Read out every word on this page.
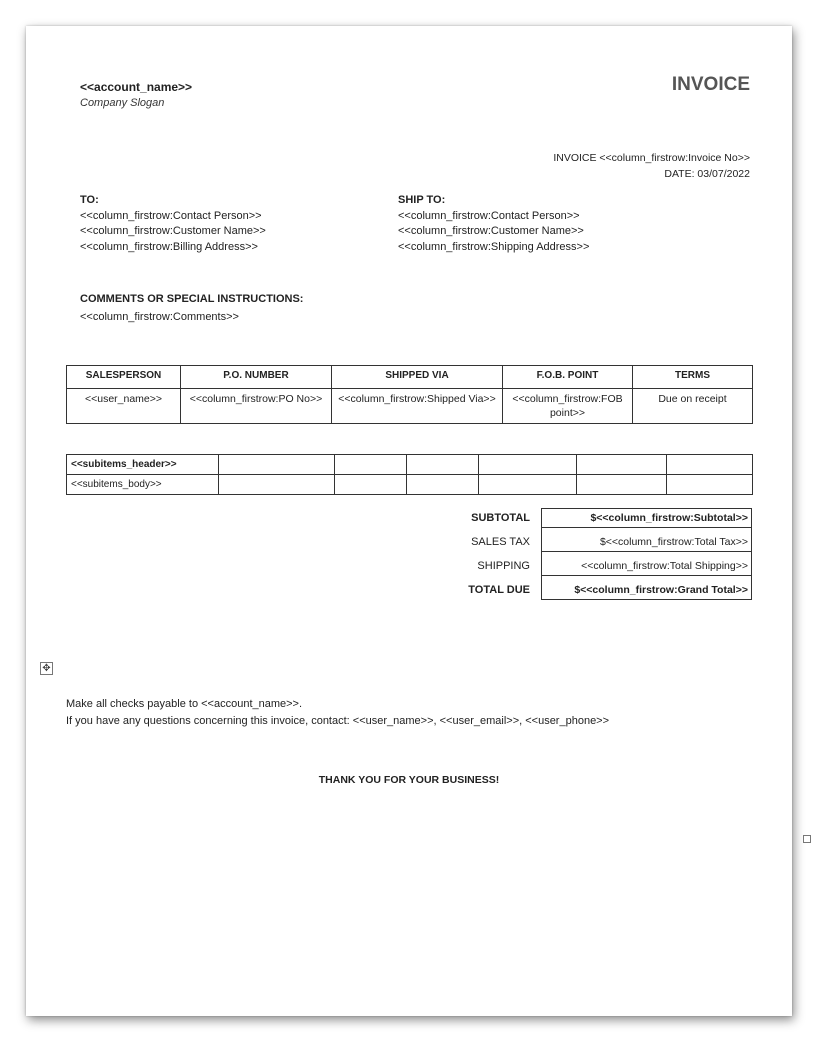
<<account_name>>
Company Slogan
INVOICE
INVOICE <<column_firstrow:Invoice No>>
DATE: 03/07/2022
TO:
<<column_firstrow:Contact Person>>
<<column_firstrow:Customer Name>>
<<column_firstrow:Billing Address>>
SHIP TO:
<<column_firstrow:Contact Person>>
<<column_firstrow:Customer Name>>
<<column_firstrow:Shipping Address>>
COMMENTS OR SPECIAL INSTRUCTIONS:
<<column_firstrow:Comments>>
SALESPERSON	P.O. NUMBER	SHIPPED VIA	F.O.B. POINT	TERMS
<<user_name>>	<<column_firstrow:PO No>>	<<column_firstrow:Shipped Via>>	<<column_firstrow:FOB point>>	Due on receipt
<<subitems_header>>						
<<subitems_body>>						
SUBTOTAL	$<<column_firstrow:Subtotal>>
SALES TAX	$<<column_firstrow:Total Tax>>
SHIPPING	<<column_firstrow:Total Shipping>>
TOTAL DUE	$<<column_firstrow:Grand Total>>
✥
Make all checks payable to <<account_name>>.
If you have any questions concerning this invoice, contact: <<user_name>>, <<user_email>>, <<user_phone>>
THANK YOU FOR YOUR BUSINESS!
